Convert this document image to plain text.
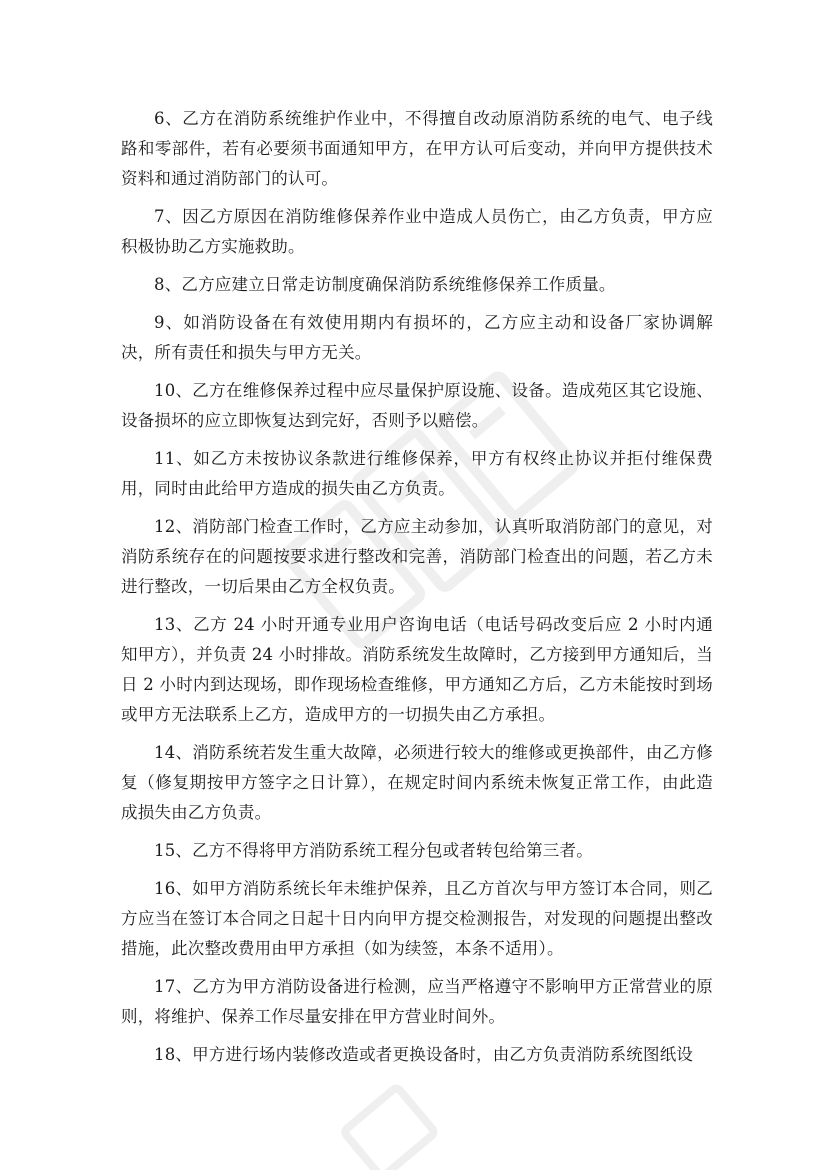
6、乙方在消防系统维护作业中，不得擅自改动原消防系统的电气、电子线路和零部件，若有必要须书面通知甲方，在甲方认可后变动，并向甲方提供技术资料和通过消防部门的认可。

7、因乙方原因在消防维修保养作业中造成人员伤亡，由乙方负责，甲方应积极协助乙方实施救助。

8、乙方应建立日常走访制度确保消防系统维修保养工作质量。

9、如消防设备在有效使用期内有损坏的，乙方应主动和设备厂家协调解决，所有责任和损失与甲方无关。

10、乙方在维修保养过程中应尽量保护原设施、设备。造成苑区其它设施、设备损坏的应立即恢复达到完好，否则予以赔偿。

11、如乙方未按协议条款进行维修保养，甲方有权终止协议并拒付维保费用，同时由此给甲方造成的损失由乙方负责。

12、消防部门检查工作时，乙方应主动参加，认真听取消防部门的意见，对消防系统存在的问题按要求进行整改和完善，消防部门检查出的问题，若乙方未进行整改，一切后果由乙方全权负责。

13、乙方 24 小时开通专业用户咨询电话（电话号码改变后应 2 小时内通知甲方），并负责 24 小时排故。消防系统发生故障时，乙方接到甲方通知后，当日 2 小时内到达现场，即作现场检查维修，甲方通知乙方后，乙方未能按时到场或甲方无法联系上乙方，造成甲方的一切损失由乙方承担。

14、消防系统若发生重大故障，必须进行较大的维修或更换部件，由乙方修复（修复期按甲方签字之日计算），在规定时间内系统未恢复正常工作，由此造成损失由乙方负责。

15、乙方不得将甲方消防系统工程分包或者转包给第三者。

16、如甲方消防系统长年未维护保养，且乙方首次与甲方签订本合同，则乙方应当在签订本合同之日起十日内向甲方提交检测报告，对发现的问题提出整改措施，此次整改费用由甲方承担（如为续签，本条不适用）。

17、乙方为甲方消防设备进行检测，应当严格遵守不影响甲方正常营业的原则，将维护、保养工作尽量安排在甲方营业时间外。

18、甲方进行场内装修改造或者更换设备时，由乙方负责消防系统图纸设
